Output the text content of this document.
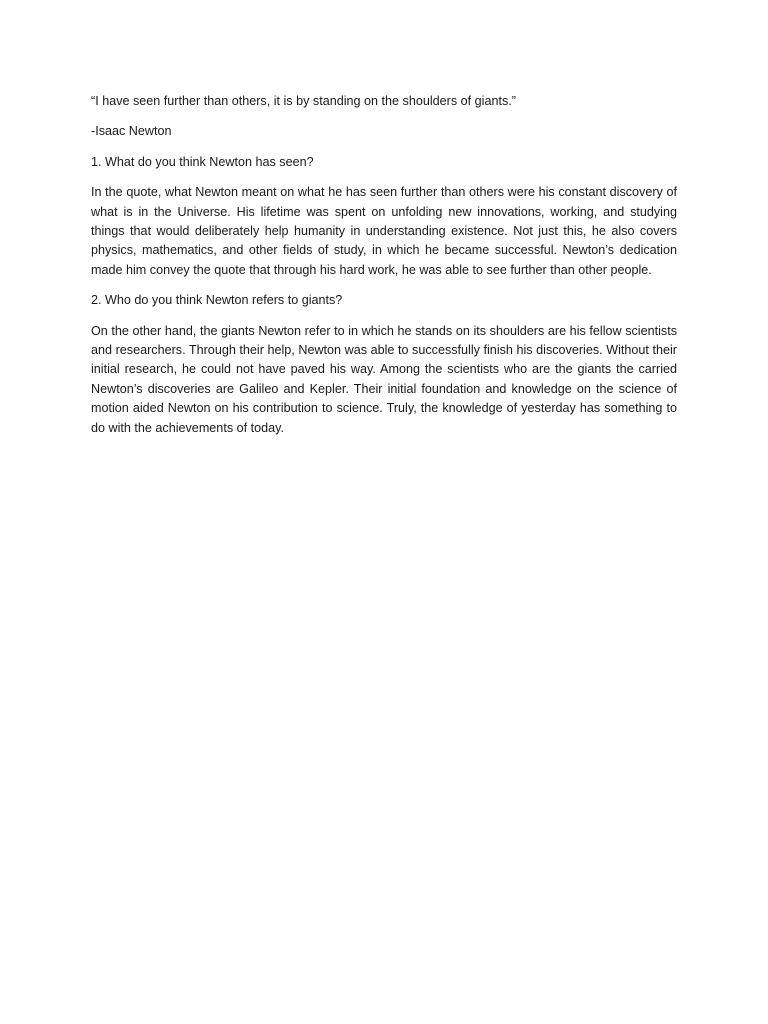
“I have seen further than others, it is by standing on the shoulders of giants.”

-Isaac Newton

1. What do you think Newton has seen?

In the quote, what Newton meant on what he has seen further than others were his constant discovery of what is in the Universe. His lifetime was spent on unfolding new innovations, working, and studying things that would deliberately help humanity in understanding existence. Not just this, he also covers physics, mathematics, and other fields of study, in which he became successful. Newton’s dedication made him convey the quote that through his hard work, he was able to see further than other people.

2. Who do you think Newton refers to giants?

On the other hand, the giants Newton refer to in which he stands on its shoulders are his fellow scientists and researchers. Through their help, Newton was able to successfully finish his discoveries. Without their initial research, he could not have paved his way. Among the scientists who are the giants the carried Newton’s discoveries are Galileo and Kepler. Their initial foundation and knowledge on the science of motion aided Newton on his contribution to science. Truly, the knowledge of yesterday has something to do with the achievements of today.
